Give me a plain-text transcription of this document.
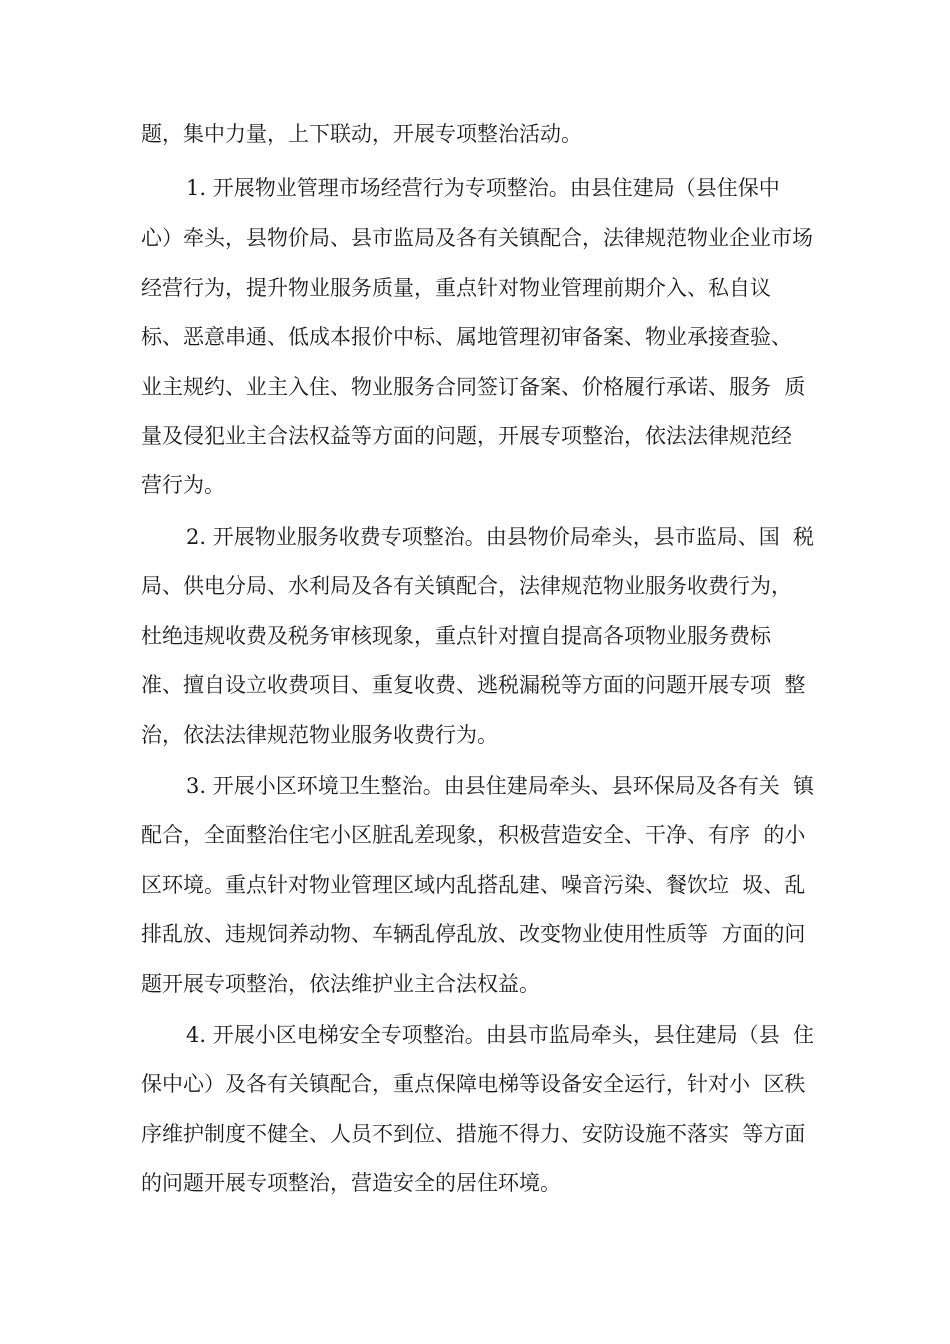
题，集中力量，上下联动，开展专项整治活动。

1. 开展物业管理市场经营行为专项整治。由县住建局（县住保中

心）牵头，县物价局、县市监局及各有关镇配合，法律规范物业企业市场

经营行为，提升物业服务质量，重点针对物业管理前期介入、私自议

标、恶意串通、低成本报价中标、属地管理初审备案、物业承接查验、

业主规约、业主入住、物业服务合同签订备案、价格履行承诺、服务  质

量及侵犯业主合法权益等方面的问题，开展专项整治，依法法律规范经

营行为。

2. 开展物业服务收费专项整治。由县物价局牵头，县市监局、国  税

局、供电分局、水利局及各有关镇配合，法律规范物业服务收费行为，

杜绝违规收费及税务审核现象，重点针对擅自提高各项物业服务费标

准、擅自设立收费项目、重复收费、逃税漏税等方面的问题开展专项  整

治，依法法律规范物业服务收费行为。

3. 开展小区环境卫生整治。由县住建局牵头、县环保局及各有关  镇

配合，全面整治住宅小区脏乱差现象，积极营造安全、干净、有序  的小

区环境。重点针对物业管理区域内乱搭乱建、噪音污染、餐饮垃  圾、乱

排乱放、违规饲养动物、车辆乱停乱放、改变物业使用性质等  方面的问

题开展专项整治，依法维护业主合法权益。

4. 开展小区电梯安全专项整治。由县市监局牵头，县住建局（县  住

保中心）及各有关镇配合，重点保障电梯等设备安全运行，针对小  区秩

序维护制度不健全、人员不到位、措施不得力、安防设施不落实  等方面

的问题开展专项整治，营造安全的居住环境。
